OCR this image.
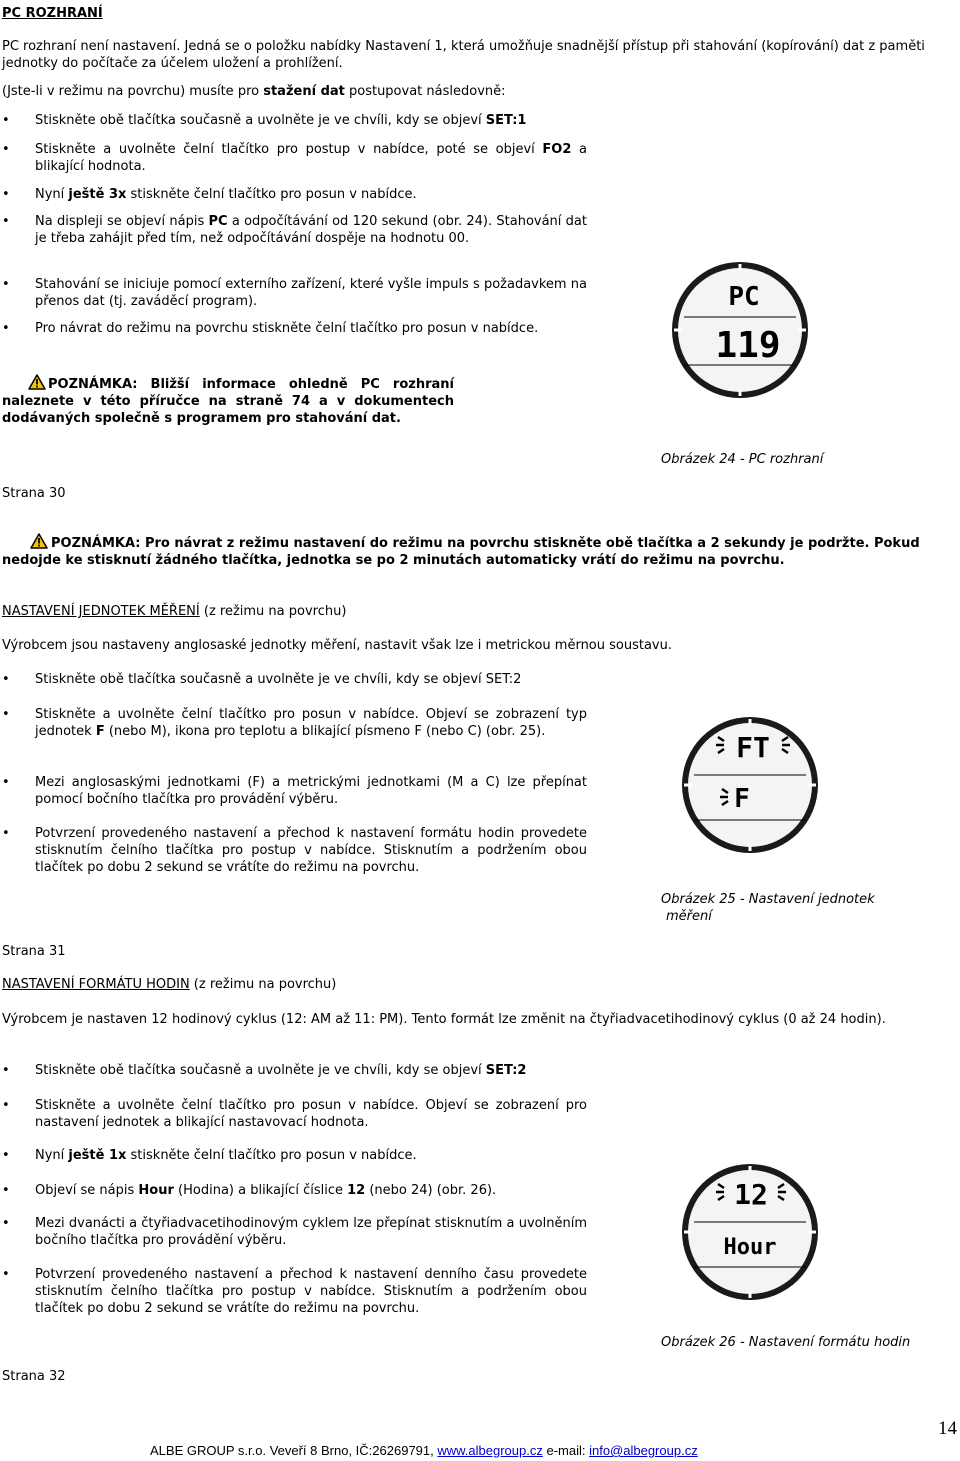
PC ROZHRANÍ

PC rozhraní není nastavení. Jedná se o položku nabídky Nastavení 1, která umožňuje snadnější přístup při stahování (kopírování) dat z paměti jednotky do počítače za účelem uložení a prohlížení.

(Jste-li v režimu na povrchu) musíte pro stažení dat postupovat následovně:

• Stiskněte obě tlačítka současně a uvolněte je ve chvíli, kdy se objeví SET:1
• Stiskněte a uvolněte čelní tlačítko pro postup v nabídce, poté se objeví FO2 a blikající hodnota.
• Nyní ještě 3x stiskněte čelní tlačítko pro posun v nabídce.
• Na displeji se objeví nápis PC a odpočítávání od 120 sekund (obr. 24). Stahování dat je třeba zahájit před tím, než odpočítávání dospěje na hodnotu 00.
• Stahování se iniciuje pomocí externího zařízení, které vyšle impuls s požadavkem na přenos dat (tj. zaváděcí program).
• Pro návrat do režimu na povrchu stiskněte čelní tlačítko pro posun v nabídce.

POZNÁMKA: Bližší informace ohledně PC rozhraní naleznete v této příručce na straně 74 a v dokumentech dodávaných společně s programem pro stahování dat.

PC
119
Obrázek 24 - PC rozhraní
Strana 30

POZNÁMKA: Pro návrat z režimu nastavení do režimu na povrchu stiskněte obě tlačítka a 2 sekundy je podržte. Pokud nedojde ke stisknutí žádného tlačítka, jednotka se po 2 minutách automaticky vrátí do režimu na povrchu.

NASTAVENÍ JEDNOTEK MĚŘENÍ (z režimu na povrchu)

Výrobcem jsou nastaveny anglosaské jednotky měření, nastavit však lze i metrickou měrnou soustavu.

• Stiskněte obě tlačítka současně a uvolněte je ve chvíli, kdy se objeví SET:2
• Stiskněte a uvolněte čelní tlačítko pro posun v nabídce. Objeví se zobrazení typ jednotek F (nebo M), ikona pro teplotu a blikající písmeno F (nebo C) (obr. 25).
• Mezi anglosaskými jednotkami (F) a metrickými jednotkami (M a C) lze přepínat pomocí bočního tlačítka pro provádění výběru.
• Potvrzení provedeného nastavení a přechod k nastavení formátu hodin provedete stisknutím čelního tlačítka pro postup v nabídce. Stisknutím a podržením obou tlačítek po dobu 2 sekund se vrátíte do režimu na povrchu.
FT
F
Obrázek 25 - Nastavení jednotek
měření
Strana 31
NASTAVENÍ FORMÁTU HODIN (z režimu na povrchu)

Výrobcem je nastaven 12 hodinový cyklus (12: AM až 11: PM). Tento formát lze změnit na čtyřiadvacetihodinový cyklus (0 až 24 hodin).

• Stiskněte obě tlačítka současně a uvolněte je ve chvíli, kdy se objeví SET:2
• Stiskněte a uvolněte čelní tlačítko pro posun v nabídce. Objeví se zobrazení pro nastavení jednotek a blikající nastavovací hodnota.
• Nyní ještě 1x stiskněte čelní tlačítko pro posun v nabídce.
• Objeví se nápis Hour (Hodina) a blikající číslice 12 (nebo 24) (obr. 26).
• Mezi dvanácti a čtyřiadvacetihodinovým cyklem lze přepínat stisknutím a uvolněním bočního tlačítka pro provádění výběru.
• Potvrzení provedeného nastavení a přechod k nastavení denního času provedete stisknutím čelního tlačítka pro postup v nabídce. Stisknutím a podržením obou tlačítek po dobu 2 sekund se vrátíte do režimu na povrchu.
12
Hour
Obrázek 26 - Nastavení formátu hodin
Strana 32
14
ALBE GROUP s.r.o. Veveří 8 Brno, IČ:26269791, www.albegroup.cz e-mail: info@albegroup.cz
